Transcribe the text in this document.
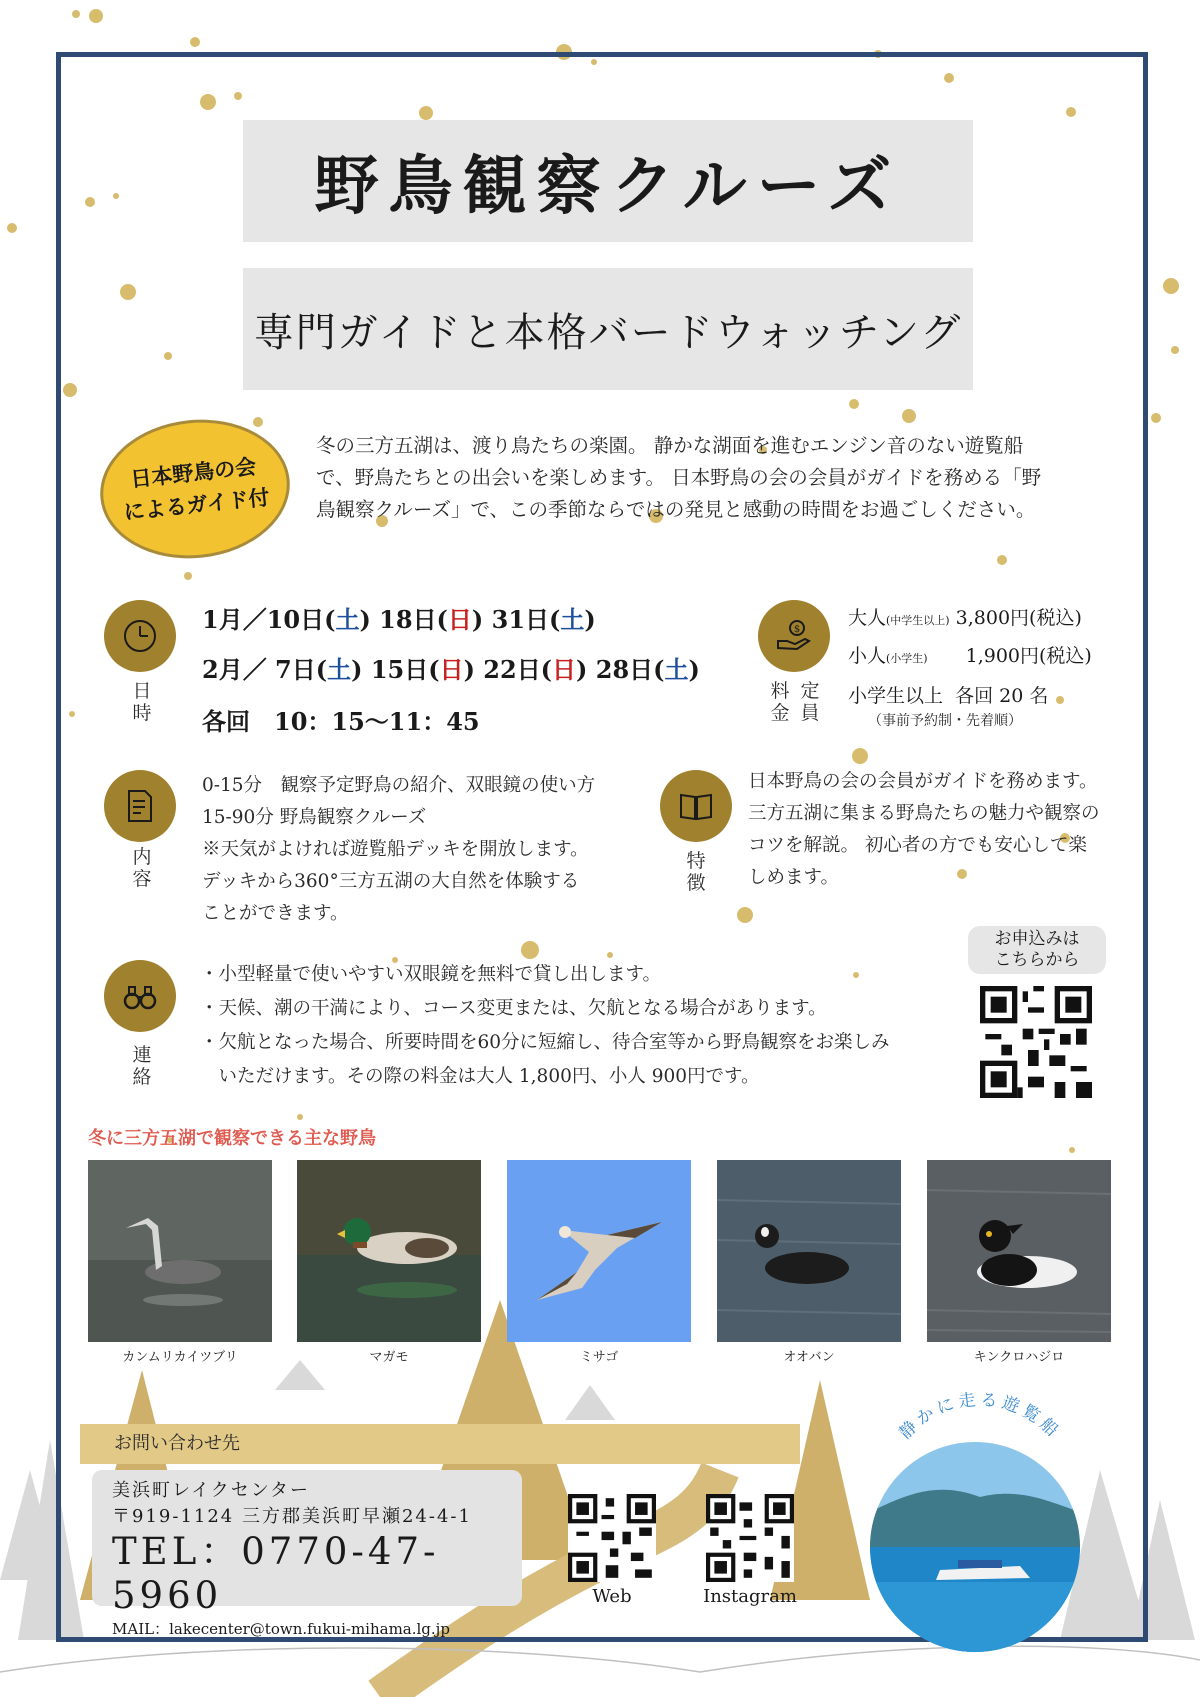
野鳥観察クルーズ
専門ガイドと本格バードウォッチング
日本野鳥の会
によるガイド付
冬の三方五湖は、渡り鳥たちの楽園。 静かな湖面を進むエンジン音のない遊覧船で、野鳥たちとの出会いを楽しめます。 日本野鳥の会の会員がガイドを務める「野鳥観察クルーズ」で、この季節ならではの発見と感動の時間をお過ごしください。
日
時
1月／10日(土) 18日(日) 31日(土)
2月／ 7日(土) 15日(日) 22日(日) 28日(土)
各回　10：15～11：45
$
料
金
定
員
大人(中学生以上) 3,800円(税込)
小人(小学生)　　 1,900円(税込)
小学生以上  各回 20 名
（事前予約制・先着順）
内
容
0-15分　観察予定野鳥の紹介、双眼鏡の使い方
15-90分 野鳥観察クルーズ
※天気がよければ遊覧船デッキを開放します。
デッキから360°三方五湖の大自然を体験する
ことができます。
特
徴
日本野鳥の会の会員がガイドを務めます。
三方五湖に集まる野鳥たちの魅力や観察の
コツを解説。 初心者の方でも安心して楽
しめます。
お申込みは
こちらから
連
絡
・小型軽量で使いやすい双眼鏡を無料で貸し出します。
・天候、潮の干満により、コース変更または、欠航となる場合があります。
・欠航となった場合、所要時間を60分に短縮し、待合室等から野鳥観察をお楽しみ
　いただけます。その際の料金は大人 1,800円、小人 900円です。
冬に三方五湖で観察できる主な野鳥
カンムリカイツブリ	マガモ	ミサゴ	オオバン	キンクロハジロ
お問い合わせ先
美浜町レイクセンター
〒919-1124 三方郡美浜町早瀬24-4-1
TEL：0770-47-5960
MAIL：lakecenter@town.fukui-mihama.lg.jp
Web	Instagram
静かに走る遊覧船
